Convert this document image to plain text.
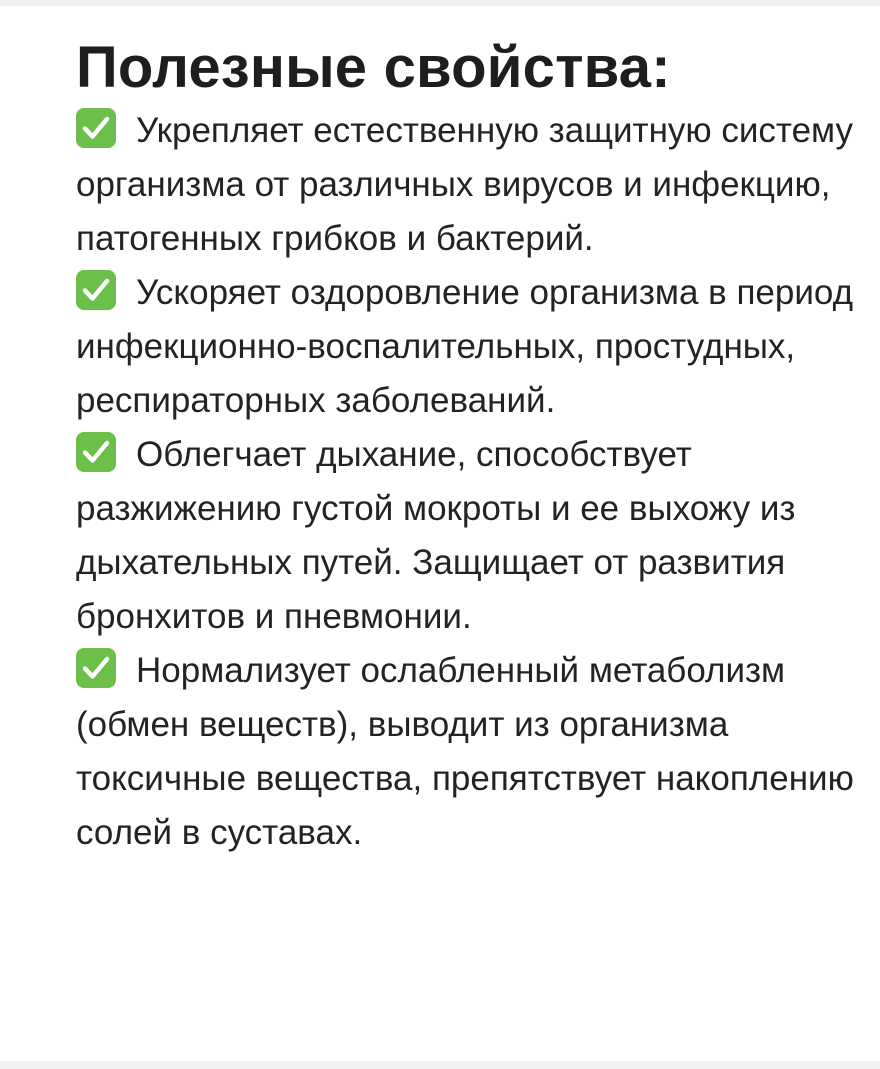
Полезные свойства:
Укрепляет естественную защитную систему организма от различных вирусов и инфекцию, патогенных грибков и бактерий.
Ускоряет оздоровление организма в период инфекционно-воспалительных, простудных, респираторных заболеваний.
Облегчает дыхание, способствует разжижению густой мокроты и ее выхожу из дыхательных путей. Защищает от развития бронхитов и пневмонии.
Нормализует ослабленный метаболизм (обмен веществ), выводит из организма токсичные вещества, препятствует накоплению солей в суставах.
